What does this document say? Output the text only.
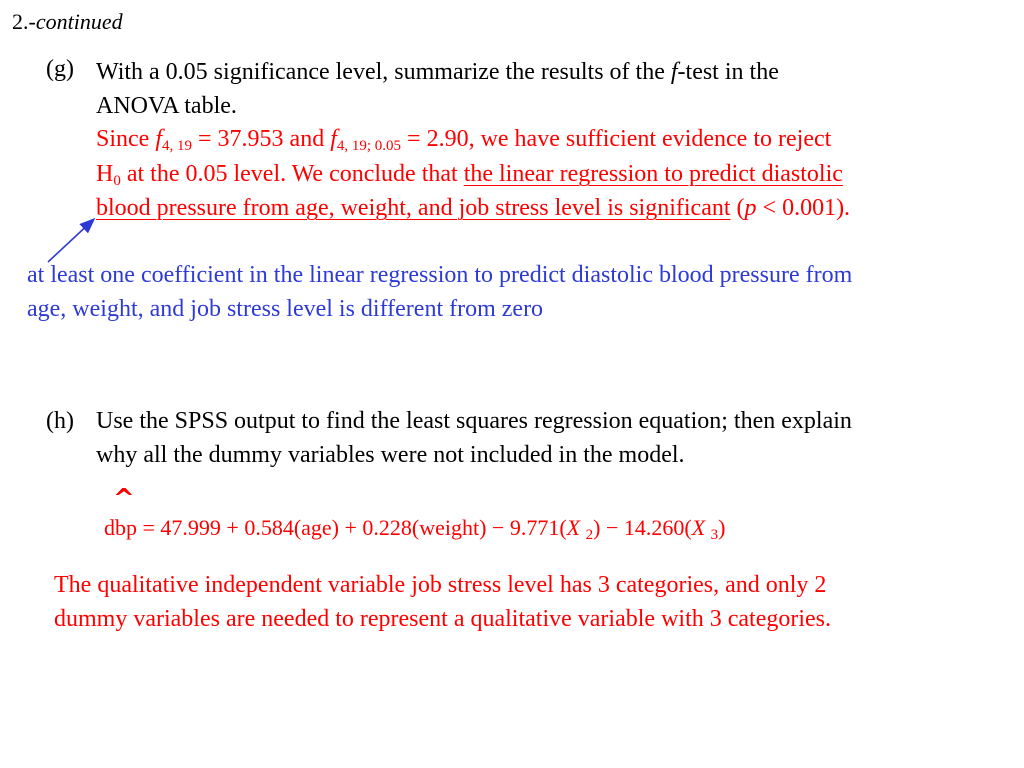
2.-continued
(g) With a 0.05 significance level, summarize the results of the f-test in the
ANOVA table.
Since $f_{4, 19} = 37.953$ and $f_{4, 19; 0.05} = 2.90$, we have sufficient evidence to reject
$H_0$ at the 0.05 level. We conclude that the linear regression to predict diastolic
blood pressure from age, weight, and job stress level is significant (p < 0.001).
at least one coefficient in the linear regression to predict diastolic blood pressure from
age, weight, and job stress level is different from zero
(h) Use the SPSS output to find the least squares regression equation; then explain
why all the dummy variables were not included in the model.
^
dbp = 47.999 + 0.584(age) + 0.228(weight) − 9.771(X $_2$) − 14.260(X $_3$)
The qualitative independent variable job stress level has 3 categories, and only 2
dummy variables are needed to represent a qualitative variable with 3 categories.
